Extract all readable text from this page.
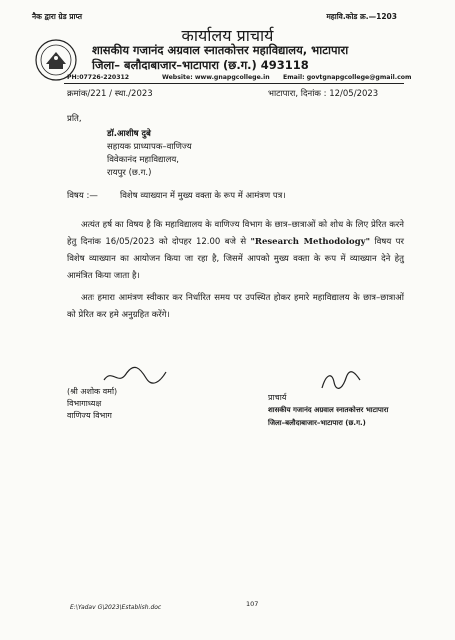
नैक द्वारा ग्रेड प्राप्त	महावि.कोड क्र.—1203
कार्यालय प्राचार्य
शासकीय गजानंद अग्रवाल स्नातकोत्तर महाविद्यालय, भाटापारा
जिला– बलौदाबाजार–भाटापारा (छ.ग.) 493118
PH:07726-220312	Website: www.gnapgcollege.in Email: govtgnapgcollege@gmail.com
क्रमांक/221 / स्था./2023	भाटापारा, दिनांक : 12/05/2023
प्रति,
डॉ.आशीष दुबे
सहायक प्राध्यापक–वाणिज्य
विवेकानंद महाविद्यालय,
रायपुर (छ.ग.)
विषय :—	विशेष व्याख्यान में मुख्य वक्ता के रूप में आमंत्रण पत्र।
अत्यंत हर्ष का विषय है कि महाविद्यालय के वाणिज्य विभाग के छात्र–छात्राओं को शोध के लिए प्रेरित करने हेतु दिनांक 16/05/2023 को दोपहर 12.00 बजे से "Research Methodology" विषय पर विशेष व्याख्यान का आयोजन किया जा रहा है, जिसमें आपको मुख्य वक्ता के रूप में व्याख्यान देने हेतु आमंत्रित किया जाता है।
अतः हमारा आमंत्रण स्वीकार कर निर्धारित समय पर उपस्थित होकर हमारे महाविद्यालय के छात्र–छात्राओं को प्रेरित कर हमे अनुग्रहित करेंगे।
(श्री अशोक वर्मा)
विभागाध्यक्ष
वाणिज्य विभाग
प्राचार्य
शासकीय गजानंद अग्रवाल स्नातकोत्तर भाटापारा
जिला–बलौदाबाजार–भाटापारा (छ.ग.)
107
E:\Yadav G\2023\Establish.doc
